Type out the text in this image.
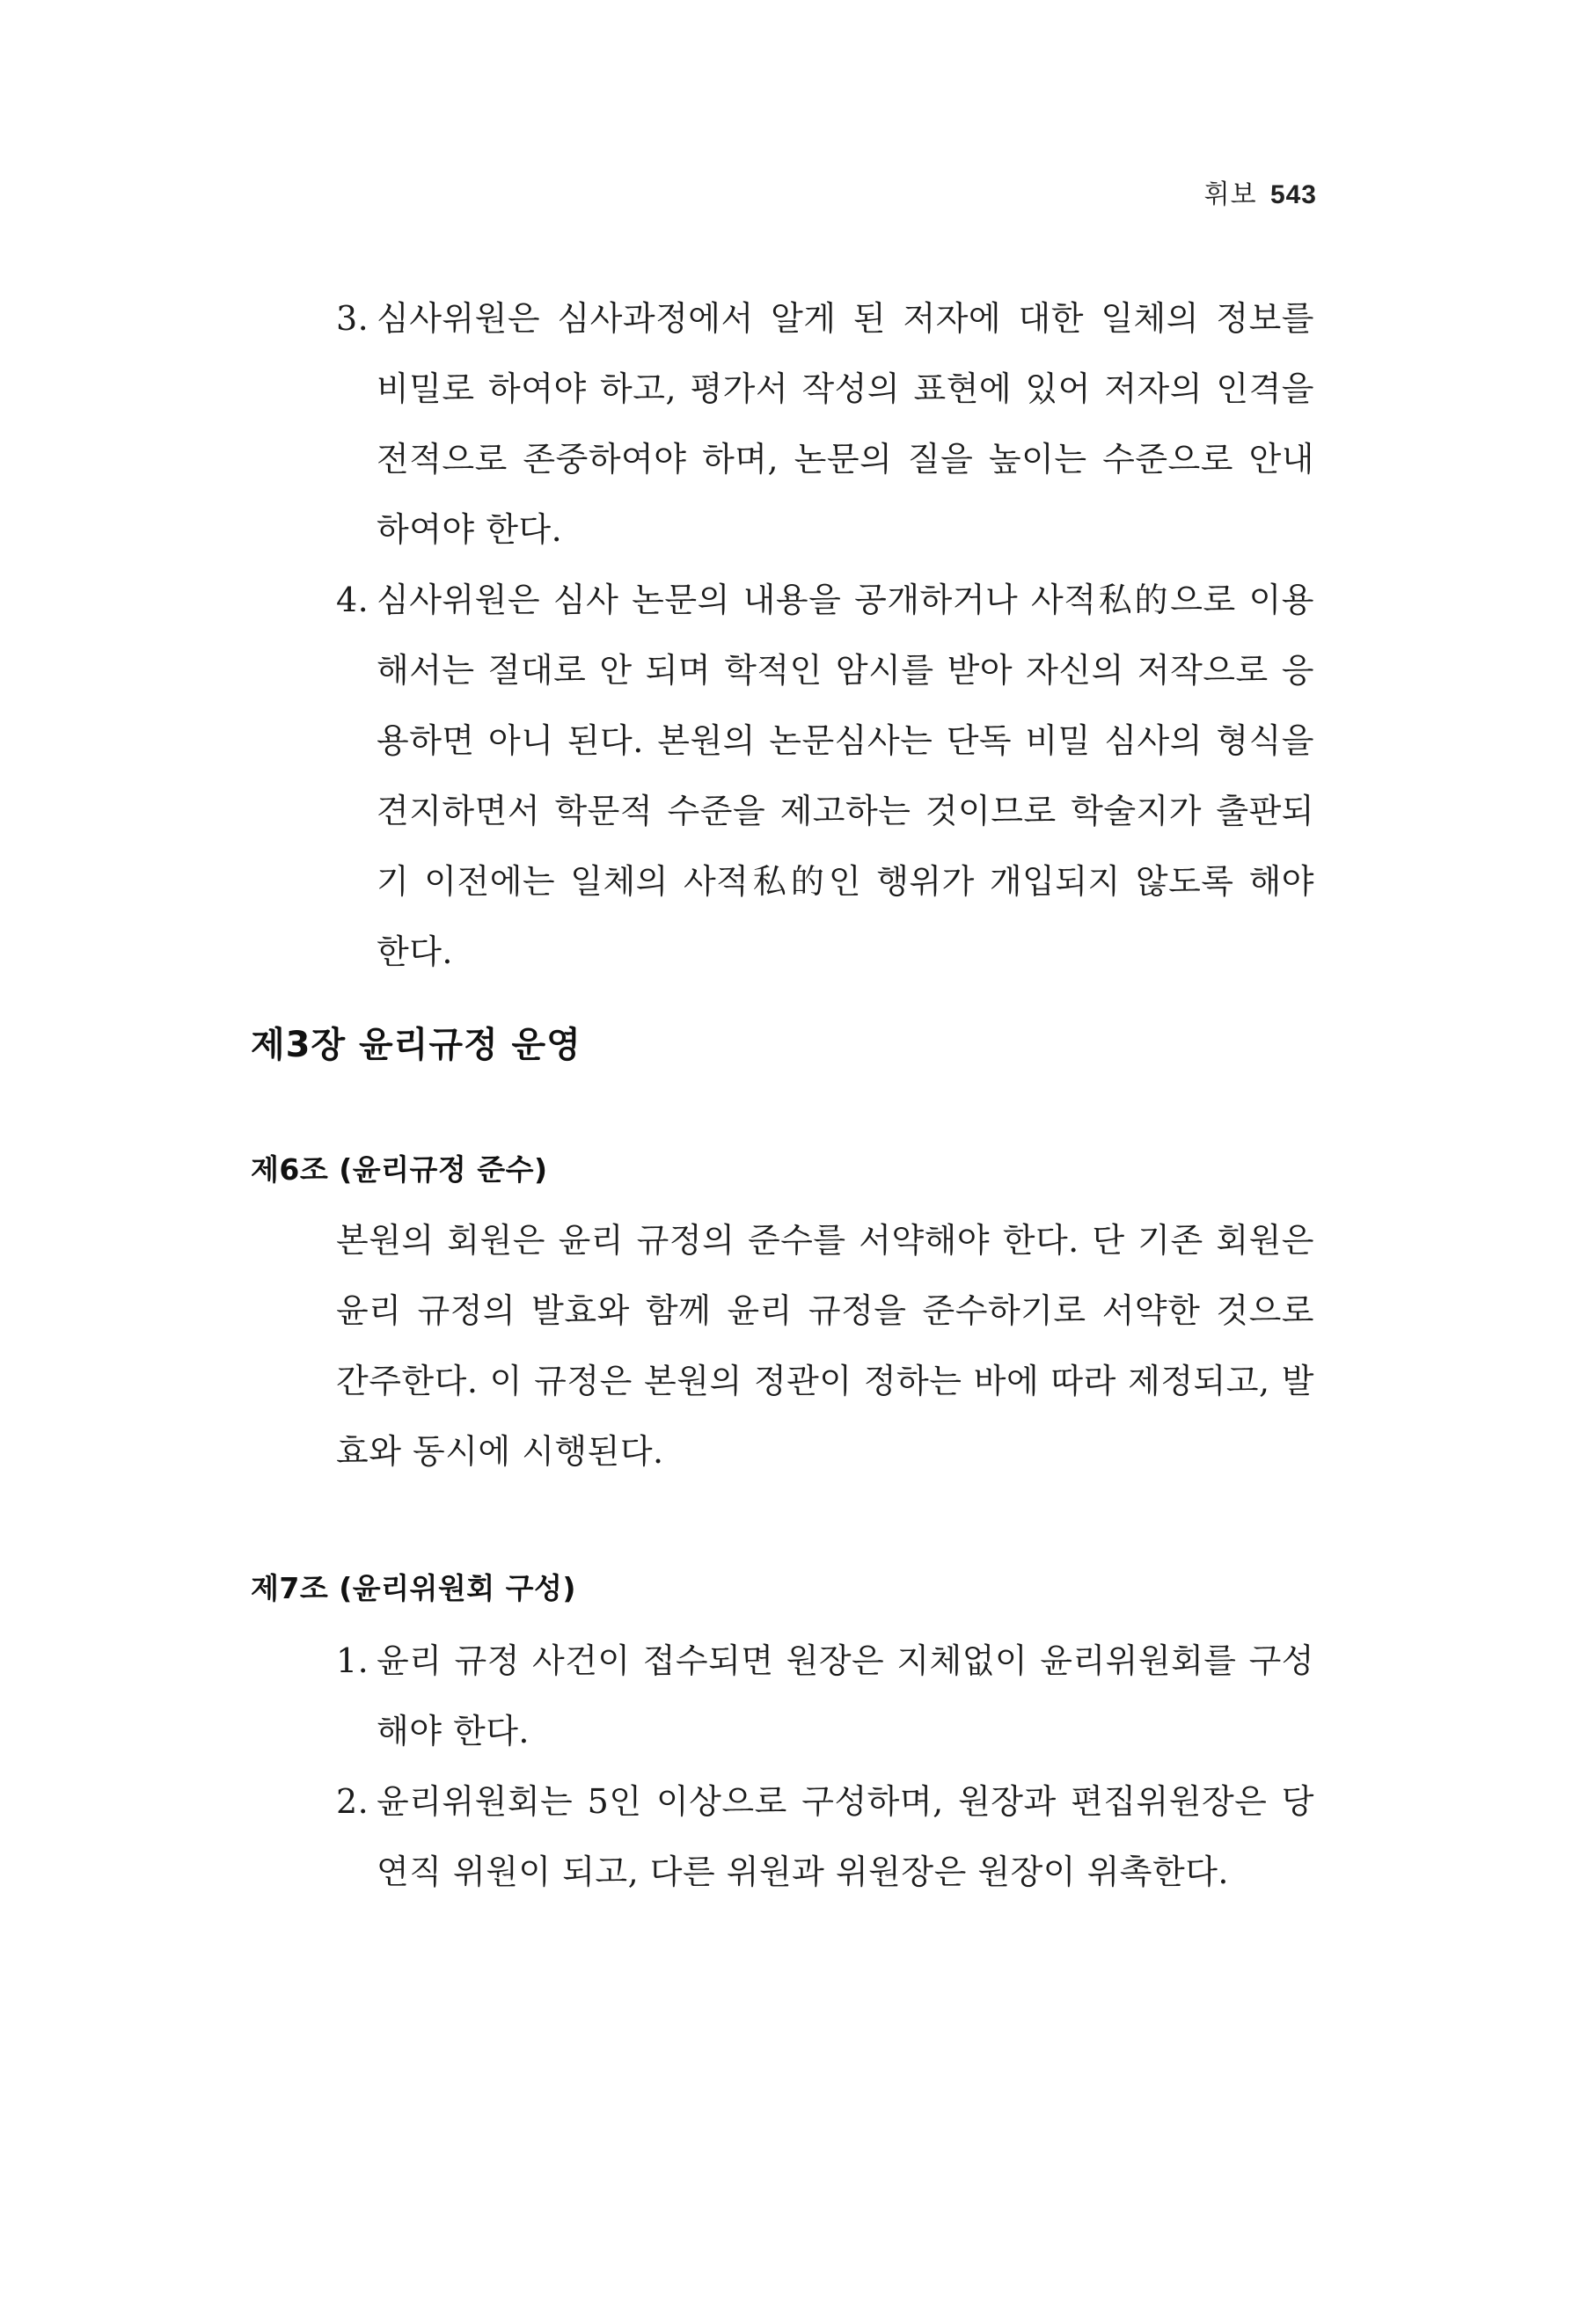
휘보 543
3. 심사위원은 심사과정에서 알게 된 저자에 대한 일체의 정보를 비밀로 하여야 하고, 평가서 작성의 표현에 있어 저자의 인격을 전적으로 존중하여야 하며, 논문의 질을 높이는 수준으로 안내하여야 한다.
4. 심사위원은 심사 논문의 내용을 공개하거나 사적私的으로 이용해서는 절대로 안 되며 학적인 암시를 받아 자신의 저작으로 응용하면 아니 된다. 본원의 논문심사는 단독 비밀 심사의 형식을 견지하면서 학문적 수준을 제고하는 것이므로 학술지가 출판되기 이전에는 일체의 사적私的인 행위가 개입되지 않도록 해야 한다.
제3장 윤리규정 운영
제6조 (윤리규정 준수)
본원의 회원은 윤리 규정의 준수를 서약해야 한다. 단 기존 회원은 윤리 규정의 발효와 함께 윤리 규정을 준수하기로 서약한 것으로 간주한다. 이 규정은 본원의 정관이 정하는 바에 따라 제정되고, 발효와 동시에 시행된다.
제7조 (윤리위원회 구성)
1. 윤리 규정 사건이 접수되면 원장은 지체없이 윤리위원회를 구성해야 한다.
2. 윤리위원회는 5인 이상으로 구성하며, 원장과 편집위원장은 당연직 위원이 되고, 다른 위원과 위원장은 원장이 위촉한다.
